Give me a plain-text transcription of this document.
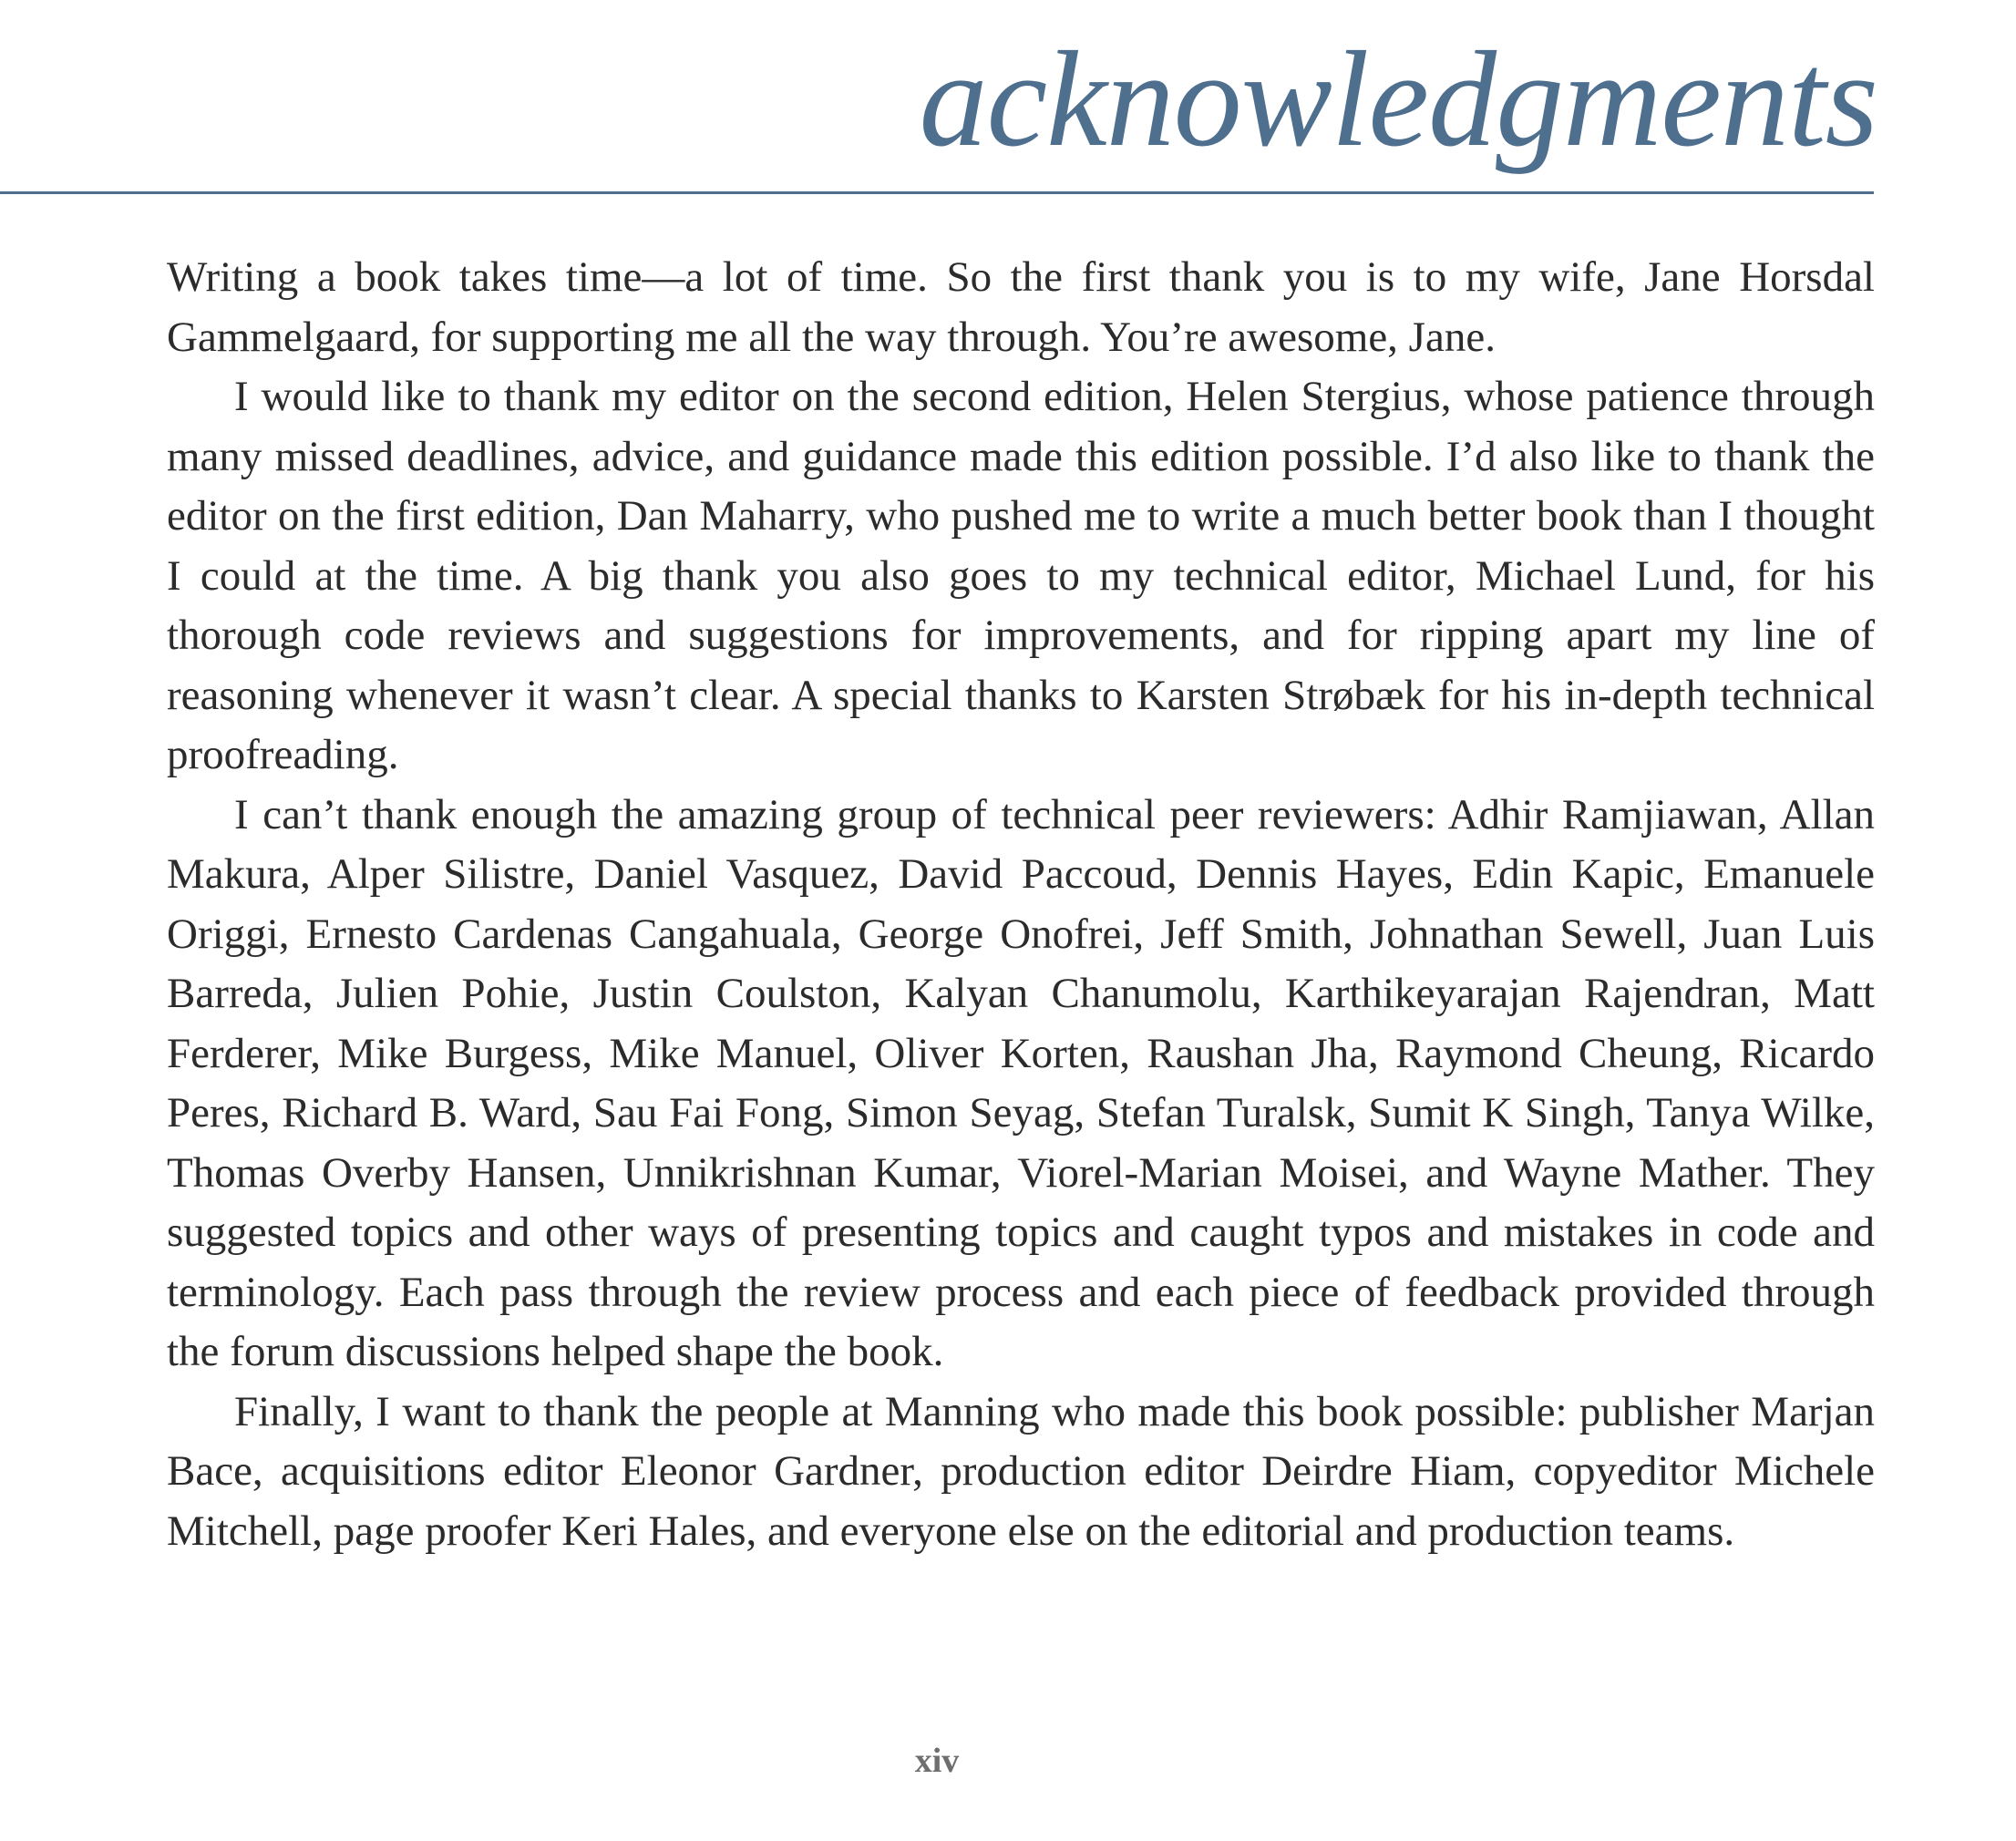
acknowledgments

Writing a book takes time—a lot of time. So the first thank you is to my wife, Jane Horsdal Gammelgaard, for supporting me all the way through. You’re awesome, Jane.

I would like to thank my editor on the second edition, Helen Stergius, whose patience through many missed deadlines, advice, and guidance made this edition possible. I’d also like to thank the editor on the first edition, Dan Maharry, who pushed me to write a much better book than I thought I could at the time. A big thank you also goes to my technical editor, Michael Lund, for his thorough code reviews and suggestions for improvements, and for ripping apart my line of reasoning whenever it wasn’t clear. A special thanks to Karsten Strøbæk for his in-depth technical proofreading.

I can’t thank enough the amazing group of technical peer reviewers: Adhir Ramjiawan, Allan Makura, Alper Silistre, Daniel Vasquez, David Paccoud, Dennis Hayes, Edin Kapic, Emanuele Origgi, Ernesto Cardenas Cangahuala, George Onofrei, Jeff Smith, Johnathan Sewell, Juan Luis Barreda, Julien Pohie, Justin Coulston, Kalyan Chanumolu, Karthikeyarajan Rajendran, Matt Ferderer, Mike Burgess, Mike Manuel, Oliver Korten, Raushan Jha, Raymond Cheung, Ricardo Peres, Richard B. Ward, Sau Fai Fong, Simon Seyag, Stefan Turalsk, Sumit K Singh, Tanya Wilke, Thomas Overby Hansen, Unnikrishnan Kumar, Viorel-Marian Moisei, and Wayne Mather. They suggested topics and other ways of presenting topics and caught typos and mistakes in code and terminology. Each pass through the review process and each piece of feedback provided through the forum discussions helped shape the book.

Finally, I want to thank the people at Manning who made this book possible: publisher Marjan Bace, acquisitions editor Eleonor Gardner, production editor Deirdre Hiam, copyeditor Michele Mitchell, page proofer Keri Hales, and everyone else on the editorial and production teams.

xiv
